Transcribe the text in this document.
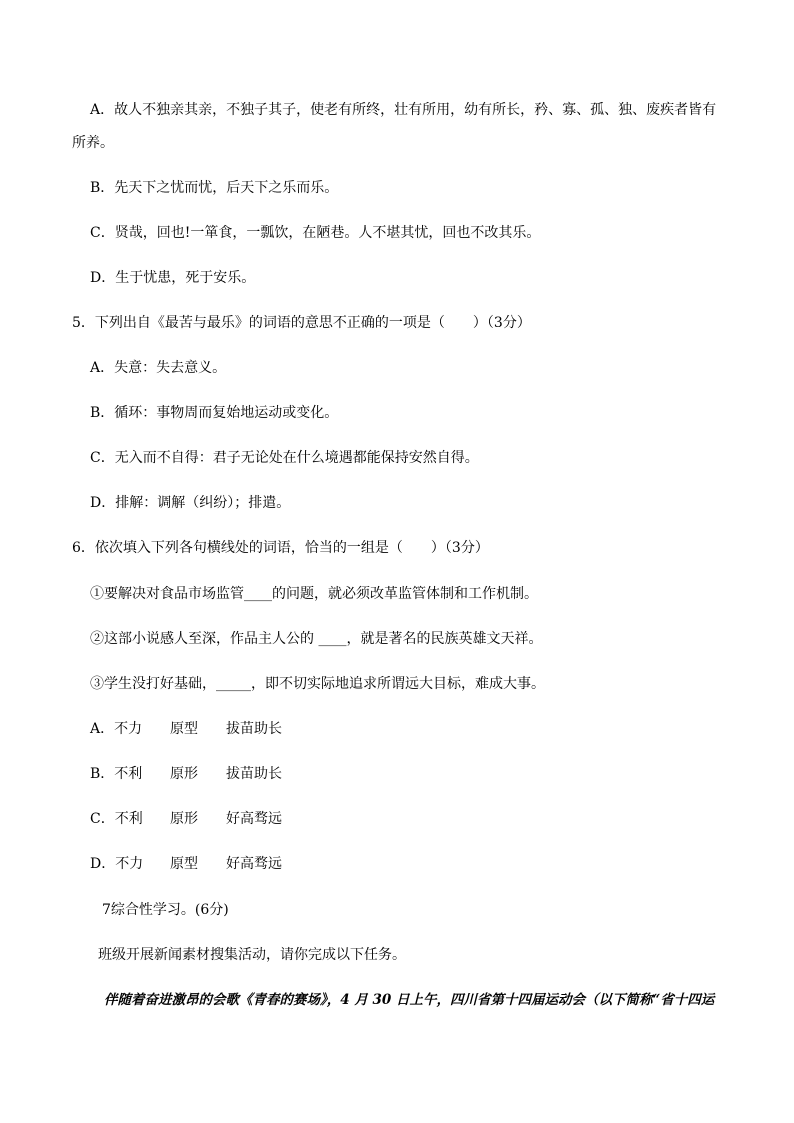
A．故人不独亲其亲，不独子其子，使老有所终，壮有所用，幼有所长，矜、寡、孤、独、废疾者皆有
所养。
B．先天下之忧而忧，后天下之乐而乐。
C．贤哉，回也!一箪食，一瓢饮，在陋巷。人不堪其忧，回也不改其乐。
D．生于忧患，死于安乐。
5．下列出自《最苦与最乐》的词语的意思不正确的一项是（　　）（3分）
A．失意：失去意义。
B．循环：事物周而复始地运动或变化。
C．无入而不自得：君子无论处在什么境遇都能保持安然自得。
D．排解：调解（纠纷）；排遣。
6．依次填入下列各句横线处的词语，恰当的一组是（　　）（3分）
①要解决对食品市场监管____的问题，就必须改革监管体制和工作机制。
②这部小说感人至深，作品主人公的 ____，就是著名的民族英雄文天祥。
③学生没打好基础，_____，即不切实际地追求所谓远大目标，难成大事。
A．不力 原型 拔苗助长
B．不利 原形 拔苗助长
C．不利 原形 好高骛远
D．不力 原型 好高骛远
7综合性学习。(6分)
班级开展新闻素材搜集活动，请你完成以下任务。
伴随着奋进激昂的会歌《青春的赛场》，4 月 30 日上午，四川省第十四届运动会（以下简称“省十四运
